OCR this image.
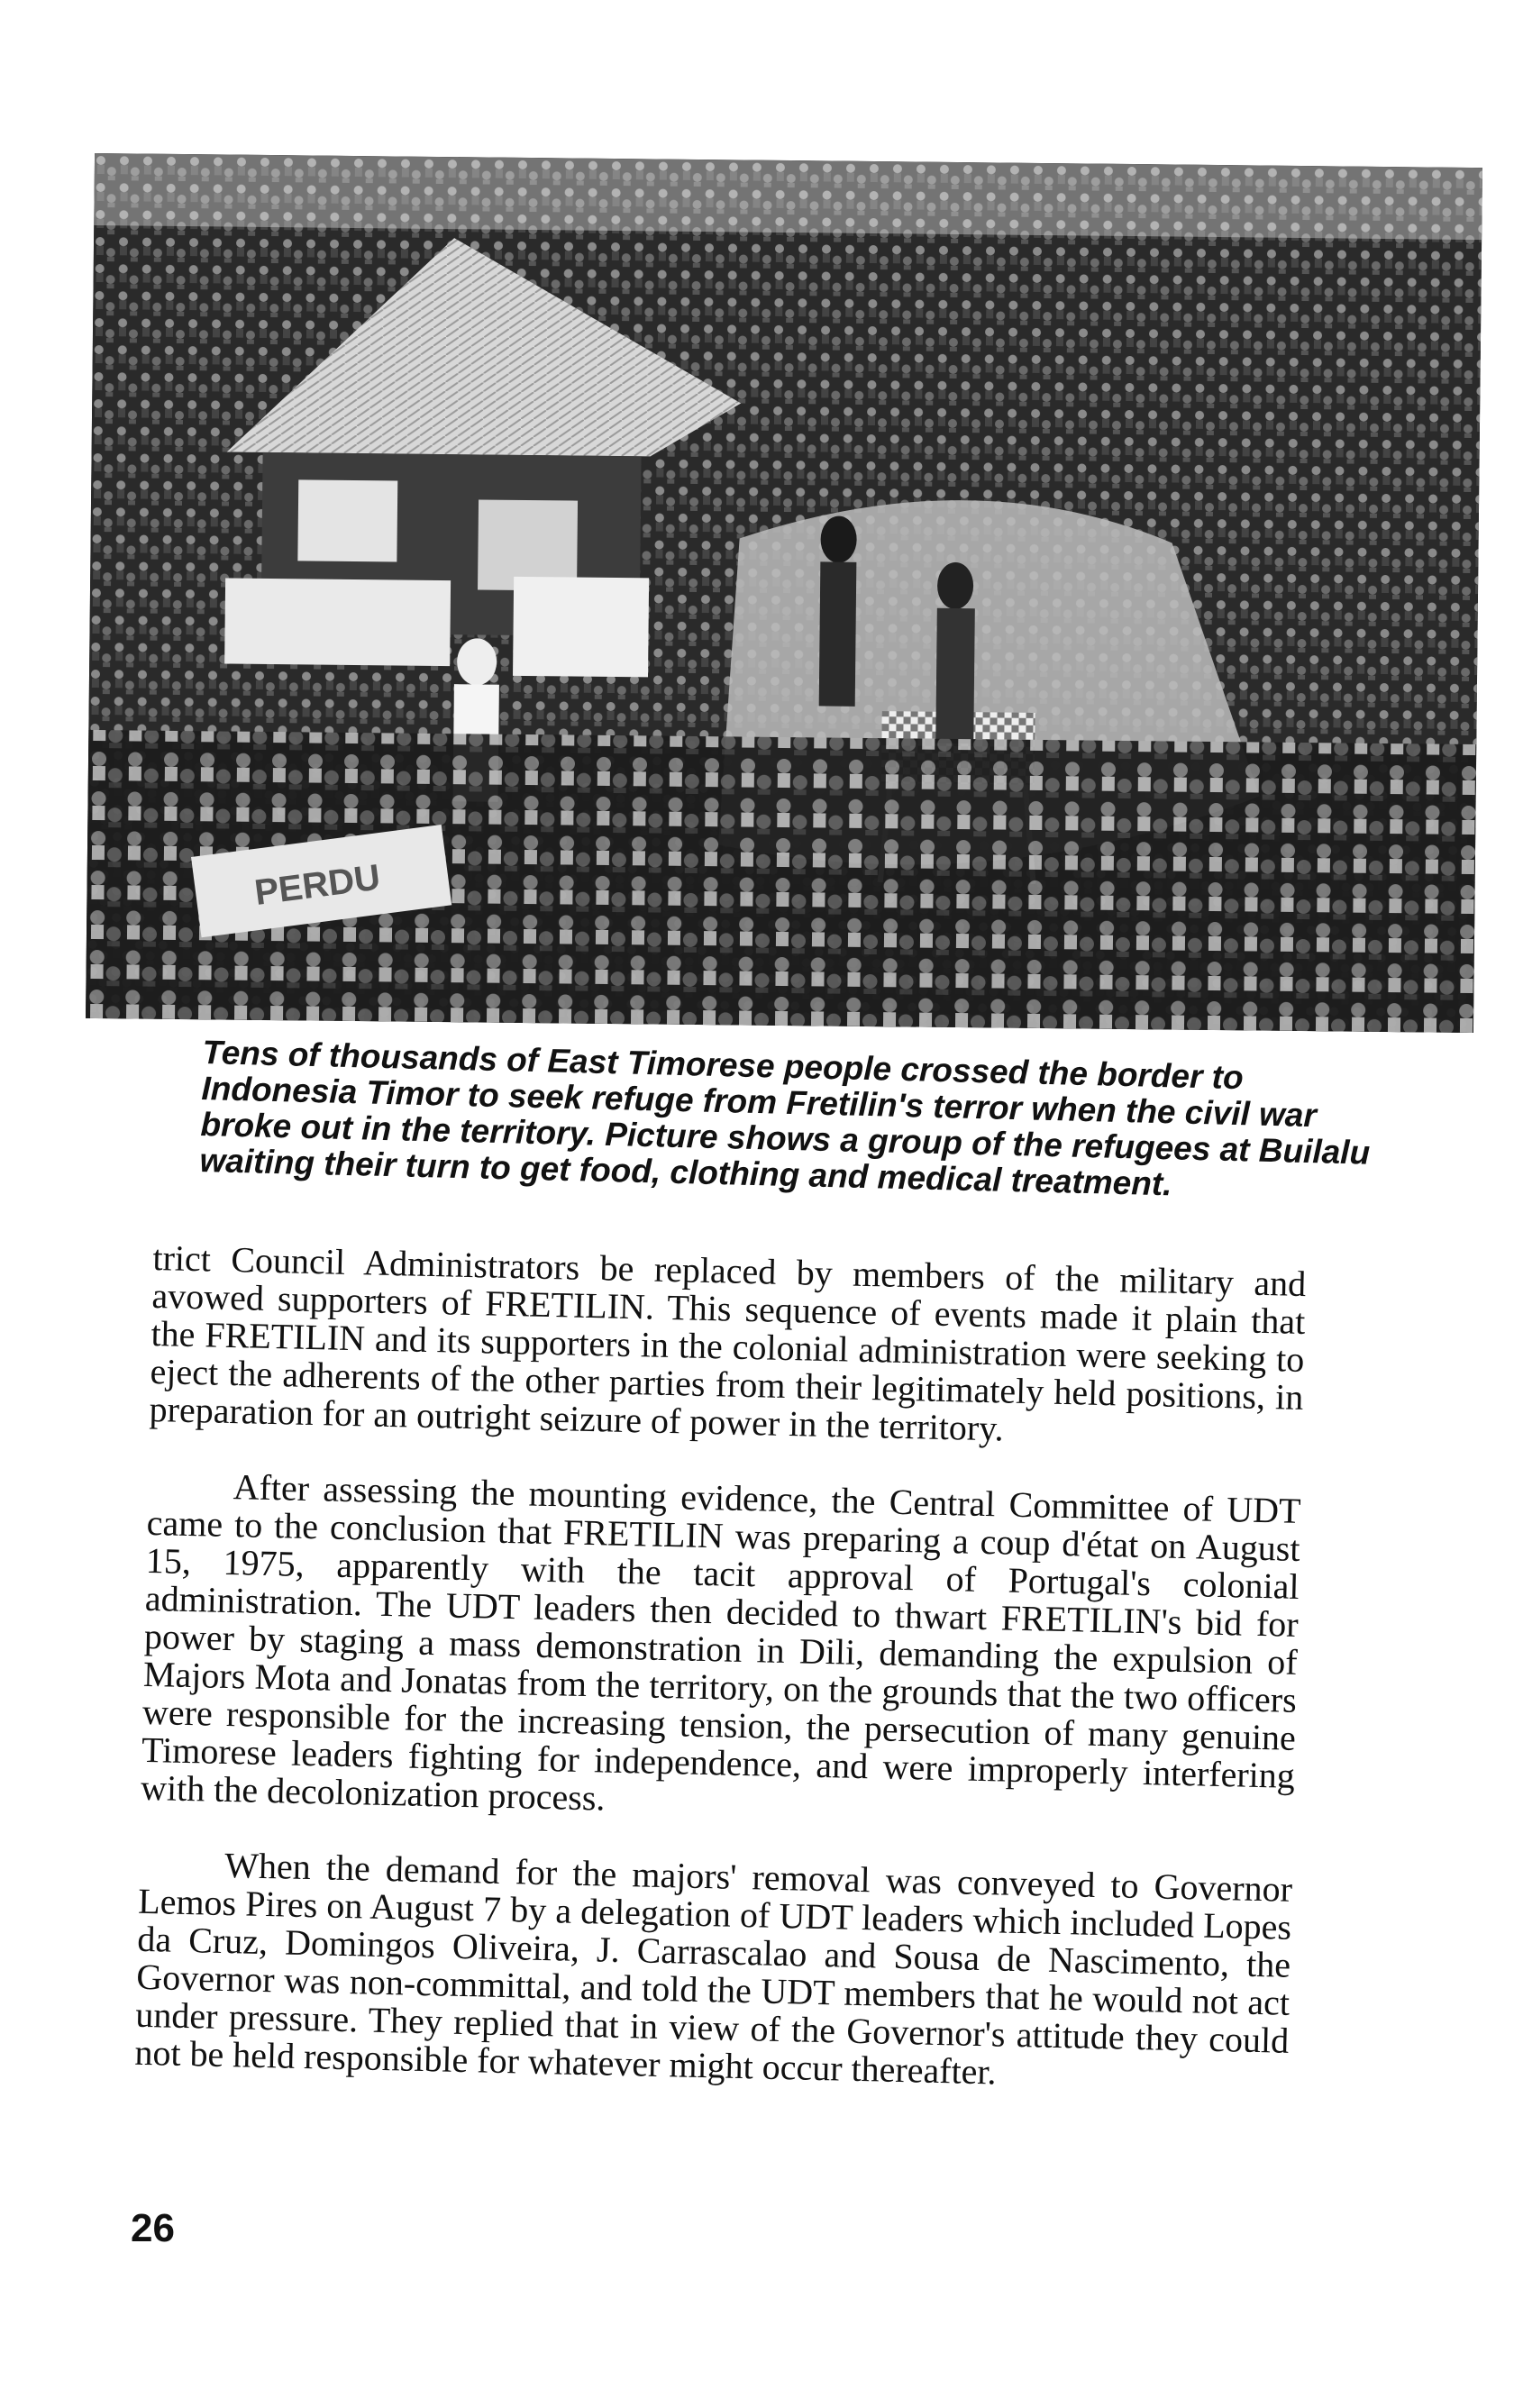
PERDU

Tens of thousands of East Timorese people crossed the border to Indonesia Timor to seek refuge from Fretilin's terror when the civil war broke out in the territory. Picture shows a group of the refugees at Builalu waiting their turn to get food, clothing and medical treatment.

trict Council Administrators be replaced by members of the military and avowed supporters of FRETILIN. This sequence of events made it plain that the FRETILIN and its supporters in the colonial administration were seeking to eject the adherents of the other parties from their legitimately held positions, in preparation for an outright seizure of power in the territory.

After assessing the mounting evidence, the Central Committee of UDT came to the conclusion that FRETILIN was preparing a coup d'état on August 15, 1975, apparently with the tacit approval of Portugal's colonial administration. The UDT leaders then decided to thwart FRETILIN's bid for power by staging a mass demonstration in Dili, demanding the expulsion of Majors Mota and Jonatas from the territory, on the grounds that the two officers were responsible for the increasing tension, the persecution of many genuine Timorese leaders fighting for independence, and were improperly interfering with the decolonization process.

When the demand for the majors' removal was conveyed to Governor Lemos Pires on August 7 by a delegation of UDT leaders which included Lopes da Cruz, Domingos Oliveira, J. Carrascalao and Sousa de Nascimento, the Governor was non-committal, and told the UDT members that he would not act under pressure. They replied that in view of the Governor's attitude they could not be held responsible for whatever might occur thereafter.

26
